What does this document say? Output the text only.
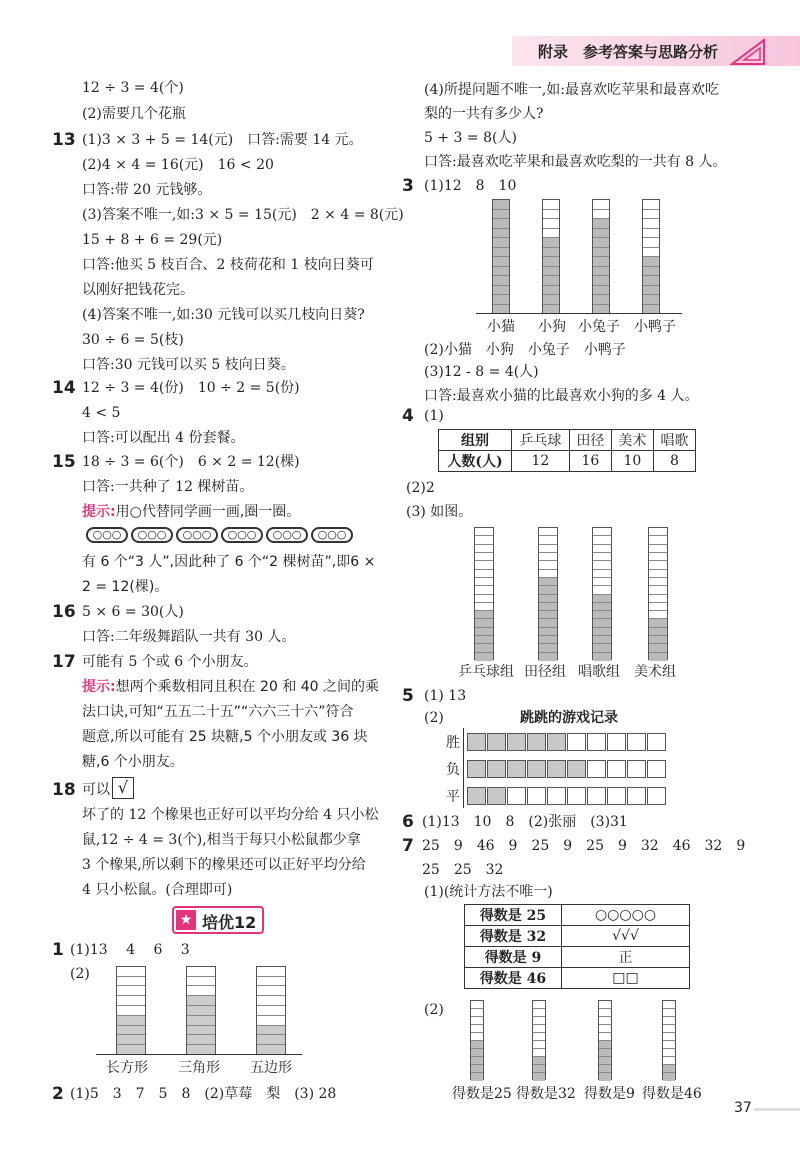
附录　参考答案与思路分析
12 ÷ 3 = 4(个)
(2)需要几个花瓶
13 (1)3 × 3 + 5 = 14(元)　口答:需要 14 元。
(2)4 × 4 = 16(元)　16 < 20
口答:带 20 元钱够。
(3)答案不唯一,如:3 × 5 = 15(元)　2 × 4 = 8(元)
15 + 8 + 6 = 29(元)
口答:他买 5 枝百合、2 枝荷花和 1 枝向日葵可
以刚好把钱花完。
(4)答案不唯一,如:30 元钱可以买几枝向日葵?
30 ÷ 6 = 5(枝)
口答:30 元钱可以买 5 枝向日葵。
14 12 ÷ 3 = 4(份)　10 ÷ 2 = 5(份)
4 < 5
口答:可以配出 4 份套餐。
15 18 ÷ 3 = 6(个)　6 × 2 = 12(棵)
口答:一共种了 12 棵树苗。
提示:用○代替同学画一画,圈一圈。
○○○ ○○○ ○○○ ○○○ ○○○ ○○○
有 6 个“3 人”,因此种了 6 个“2 棵树苗”,即6 ×
2 = 12(棵)。
16 5 × 6 = 30(人)
口答:二年级舞蹈队一共有 30 人。
17 可能有 5 个或 6 个小朋友。
提示:想两个乘数相同且积在 20 和 40 之间的乘
法口诀,可知“五五二十五”“六六三十六”符合
题意,所以可能有 25 块糖,5 个小朋友或 36 块
糖,6 个小朋友。
18 可以 √
坏了的 12 个橡果也正好可以平均分给 4 只小松
鼠,12 ÷ 4 = 3(个),相当于每只小松鼠都少拿
3 个橡果,所以剩下的橡果还可以正好平均分给
4 只小松鼠。(合理即可)
★ 培优12
1 (1)13　 4　 6　 3
(2)
长方形 三角形 五边形
2 (1)5　3　7　5　8　(2)草莓　梨　(3) 28
(4)所提问题不唯一,如:最喜欢吃苹果和最喜欢吃
梨的一共有多少人?
5 + 3 = 8(人)
口答:最喜欢吃苹果和最喜欢吃梨的一共有 8 人。
3 (1)12　8　10
小猫 小狗 小兔子 小鸭子
(2)小猫　小狗　小兔子　小鸭子
(3)12 - 8 = 4(人)
口答:最喜欢小猫的比最喜欢小狗的多 4 人。
4 (1)
组别	乒乓球	田径	美术	唱歌
人数(人)	12	16	10	8
(2)2
(3) 如图。
乒乓球组 田径组 唱歌组 美术组
5 (1) 13
(2)	跳跳的游戏记录
胜
负
平
6 (1)13　10　8　(2)张丽　(3)31
7 25　9　46　9　25　9　25　9　32　46　32　9
25　25　32
(1)(统计方法不唯一)
得数是 25	○○○○○
得数是 32	√√√
得数是 9	正
得数是 46	□□
(2)
得数是25 得数是32 得数是9 得数是46
37
